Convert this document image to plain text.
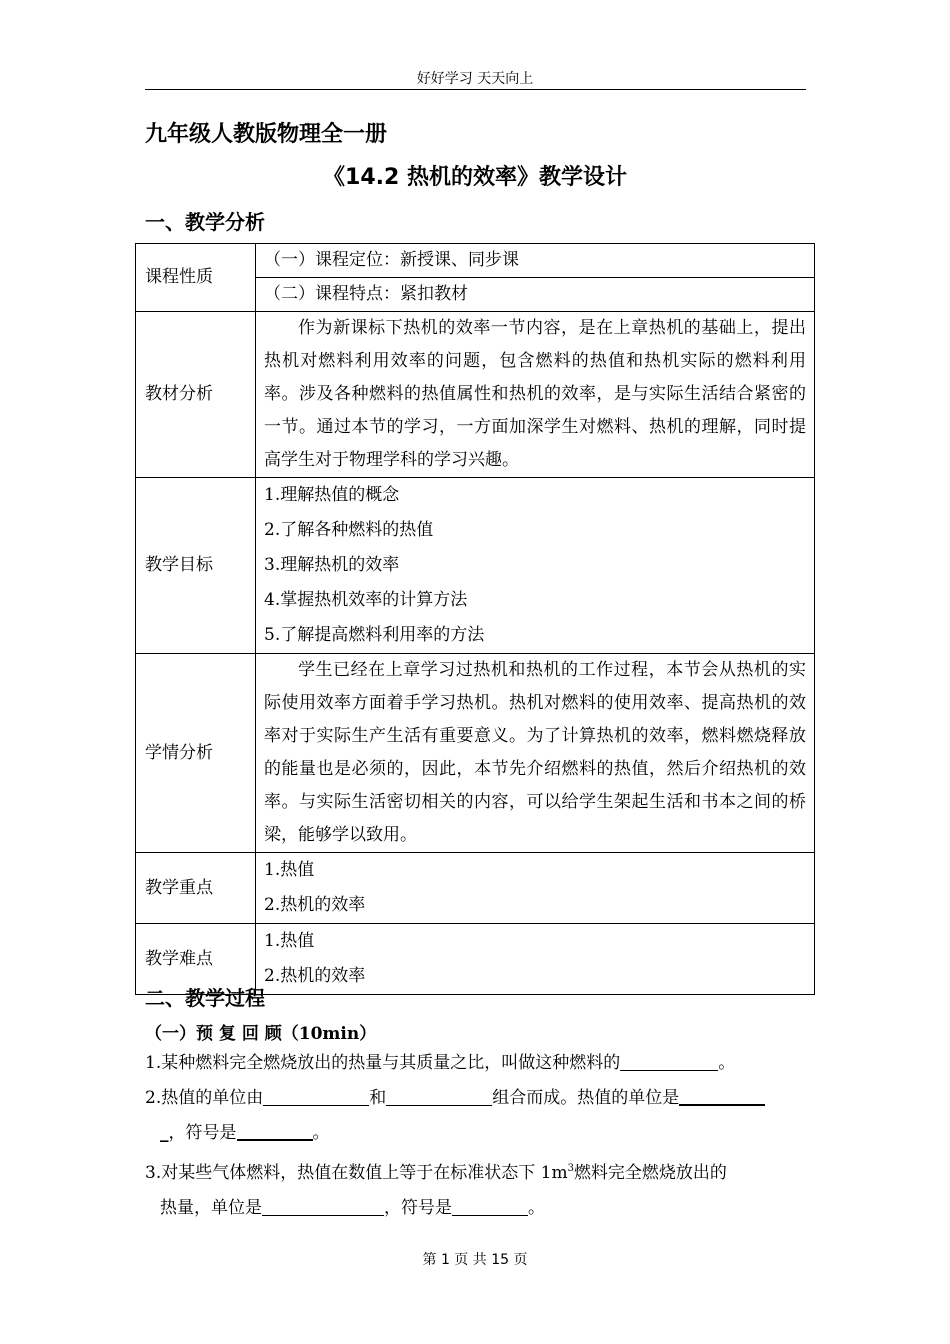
好好学习 天天向上
九年级人教版物理全一册
《14.2 热机的效率》教学设计
一、教学分析
课程性质	（一）课程定位：新授课、同步课
	（二）课程特点：紧扣教材
教材分析	作为新课标下热机的效率一节内容，是在上章热机的基础上，提出热机对燃料利用效率的问题，包含燃料的热值和热机实际的燃料利用率。涉及各种燃料的热值属性和热机的效率，是与实际生活结合紧密的一节。通过本节的学习，一方面加深学生对燃料、热机的理解，同时提高学生对于物理学科的学习兴趣。
教学目标	1.理解热值的概念
2.了解各种燃料的热值
3.理解热机的效率
4.掌握热机效率的计算方法
5.了解提高燃料利用率的方法

学情分析	学生已经在上章学习过热机和热机的工作过程，本节会从热机的实际使用效率方面着手学习热机。热机对燃料的使用效率、提高热机的效率对于实际生产生活有重要意义。为了计算热机的效率，燃料燃烧释放的能量也是必须的，因此，本节先介绍燃料的热值，然后介绍热机的效率。与实际生活密切相关的内容，可以给学生架起生活和书本之间的桥梁，能够学以致用。
教学重点	1.热值
2.热机的效率

教学难点	1.热值
2.热机的效率
二、教学过程
（一）预 复 回 顾（10min）
1.某种燃料完全燃烧放出的热量与其质量之比，叫做这种燃料的	。
2.热值的单位由	和	组合而成。热值的单位是
_，符号是	。
3.对某些气体燃料，热值在数值上等于在标准状态下 $1m^3$燃料完全燃烧放出的
热量，单位是	，符号是	。
第 1 页 共 15 页
